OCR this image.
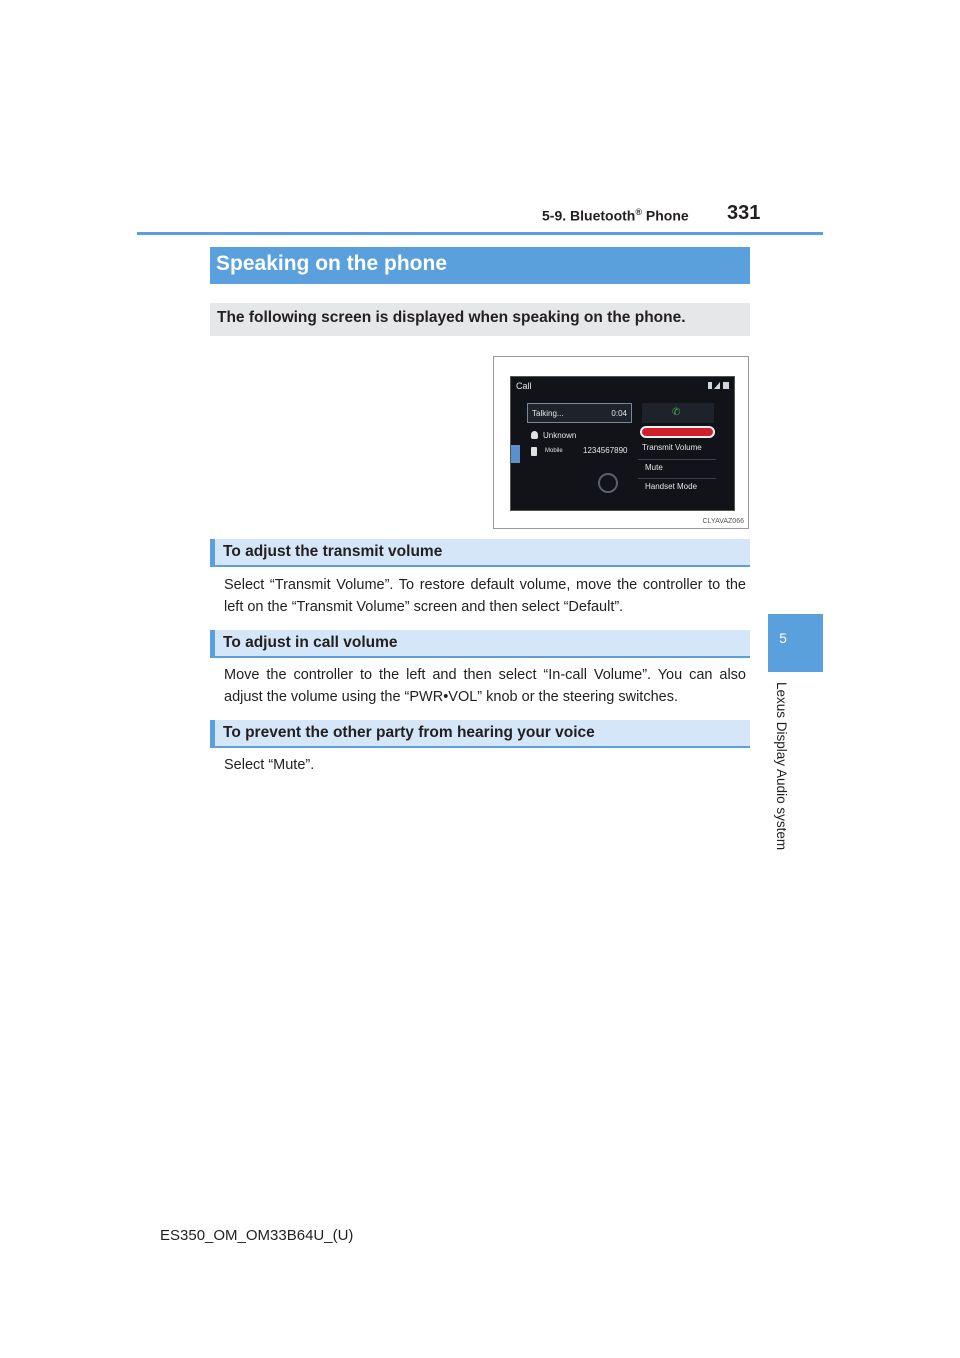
5-9. Bluetooth® Phone 331
5
Lexus Display Audio system
Speaking on the phone
The following screen is displayed when speaking on the phone.
Call
Talking...	0:04
Unknown
Mobile	1234567890
✆
Transmit Volume
Mute
Handset Mode
CLYAVAZ066
To adjust the transmit volume
Select “Transmit Volume”. To restore default volume, move the controller to the left on the “Transmit Volume” screen and then select “Default”.
To adjust in call volume
Move the controller to the left and then select “In-call Volume”. You can also adjust the volume using the “PWR•VOL” knob or the steering switches.
To prevent the other party from hearing your voice
Select “Mute”.
ES350_OM_OM33B64U_(U)
